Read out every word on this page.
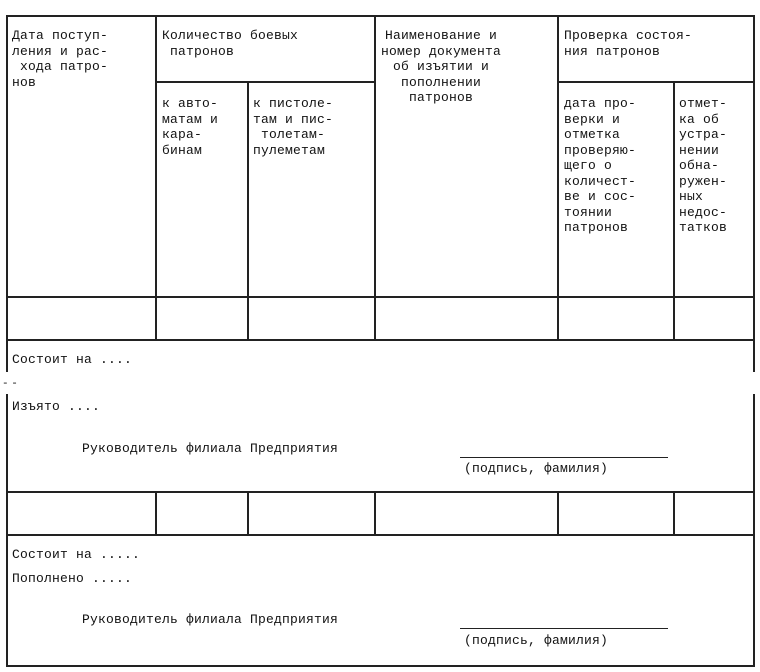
Дата поступ-
ления и рас-
хода патро-
нов
Количество боевых
патронов
к авто-
матам и
кара-
бинам
к пистоле-
там и пис-
толетам-
пулеметам
Наименование и
номер документа
об изъятии и
пополнении
патронов
Проверка состоя-
ния патронов
дата про-
верки и
отметка
проверяю-
щего о
количест-
ве и сос-
тоянии
патронов
отмет-
ка об
устра-
нении
обна-
ружен-
ных
недос-
татков
Состоит на ....
- -
Изъято ....
Руководитель филиала Предприятия
(подпись, фамилия)
Состоит на .....
Пополнено .....
Руководитель филиала Предприятия
(подпись, фамилия)
